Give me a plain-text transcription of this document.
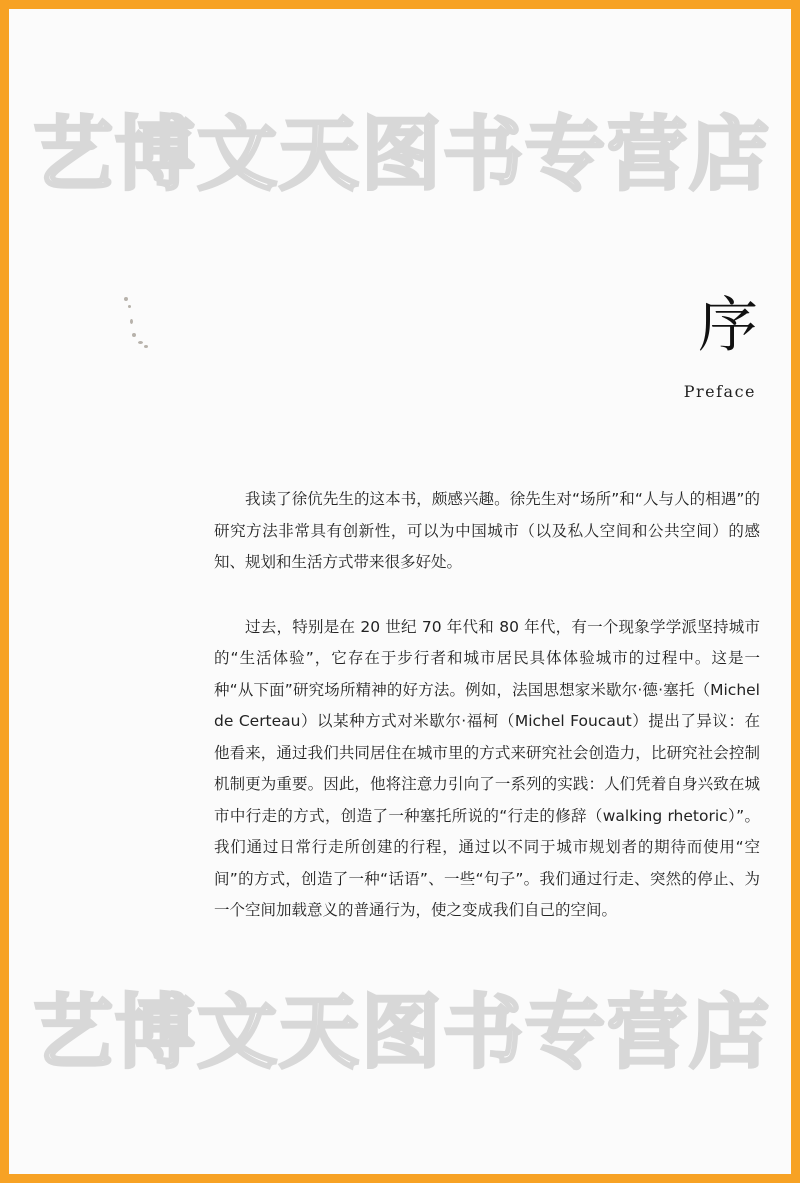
艺博文天图书专营店
序
Preface

我读了徐伉先生的这本书，颇感兴趣。徐先生对“场所”和“人与人的相遇”的研究方法非常具有创新性，可以为中国城市（以及私人空间和公共空间）的感知、规划和生活方式带来很多好处。

过去，特别是在 20 世纪 70 年代和 80 年代，有一个现象学学派坚持城市的“生活体验”，它存在于步行者和城市居民具体体验城市的过程中。这是一种“从下面”研究场所精神的好方法。例如，法国思想家米歇尔·德·塞托（Michel de Certeau）以某种方式对米歇尔·福柯（Michel Foucaut）提出了异议：在他看来，通过我们共同居住在城市里的方式来研究社会创造力，比研究社会控制机制更为重要。因此，他将注意力引向了一系列的实践：人们凭着自身兴致在城市中行走的方式，创造了一种塞托所说的“行走的修辞（walking rhetoric）”。我们通过日常行走所创建的行程，通过以不同于城市规划者的期待而使用“空间”的方式，创造了一种“话语”、一些“句子”。我们通过行走、突然的停止、为一个空间加载意义的普通行为，使之变成我们自己的空间。

艺博文天图书专营店
